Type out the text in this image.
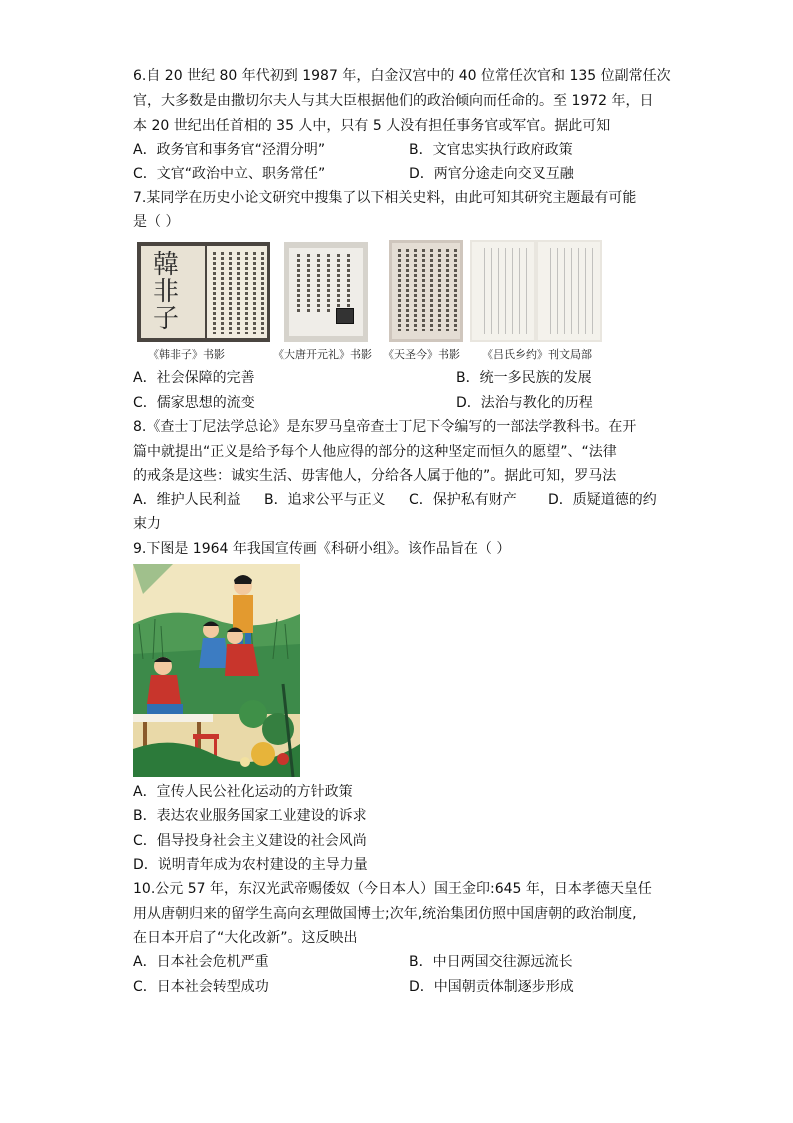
6.自 20 世纪 80 年代初到 1987 年，白金汉宫中的 40 位常任次官和 135 位副常任次
官，大多数是由撒切尔夫人与其大臣根据他们的政治倾向而任命的。至 1972 年，日
本 20 世纪出任首相的 35 人中，只有 5 人没有担任事务官或军官。据此可知
A．政务官和事务官“泾渭分明”	B．文官忠实执行政府政策
C．文官“政治中立、职务常任”	D．两官分途走向交叉互融
7.某同学在历史小论文研究中搜集了以下相关史料，由此可知其研究主题最有可能
是（ ）
韓
非
子
《韩非子》书影	《大唐开元礼》书影 《天圣今》书影 《吕氏乡约》刊文局部
A．社会保障的完善	B．统一多民族的发展
C．儒家思想的流变	D．法治与教化的历程
8.《查士丁尼法学总论》是东罗马皇帝查士丁尼下令编写的一部法学教科书。在开
篇中就提出“正义是给予每个人他应得的部分的这种坚定而恒久的愿望”、“法律
的戒条是这些：诚实生活、毋害他人，分给各人属于他的”。据此可知，罗马法
A．维护人民利益 B．追求公平与正义 C．保护私有财产 D．质疑道德的约
束力
9.下图是 1964 年我国宣传画《科研小组》。该作品旨在（ ）
A．宣传人民公社化运动的方针政策
B．表达农业服务国家工业建设的诉求
C．倡导投身社会主义建设的社会风尚
D．说明青年成为农村建设的主导力量
10.公元 57 年，东汉光武帝赐倭奴（今日本人）国王金印:645 年，日本孝德天皇任
用从唐朝归来的留学生高向玄理做国博士;次年,统治集团仿照中国唐朝的政治制度,
在日本开启了“大化改新”。这反映出
A．日本社会危机严重	B．中日两国交往源远流长
C．日本社会转型成功	D．中国朝贡体制逐步形成
